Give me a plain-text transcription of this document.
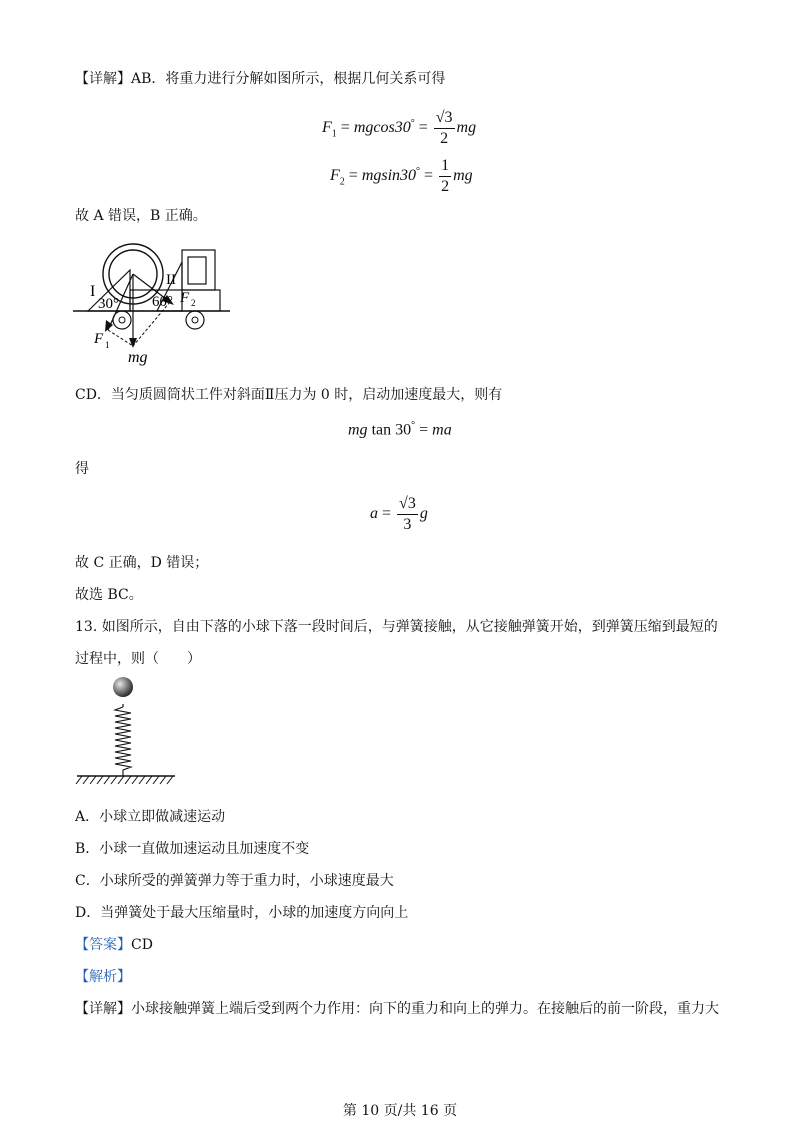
【详解】AB．将重力进行分解如图所示，根据几何关系可得
$F_1 = mgcos30^\circ = \frac{√3}{2}$ mg
$F_2 = mgsin30^\circ = \frac{1}{2}$ mg
故 A 错误，B 正确。
I
II
30° 60° F 2
F 1
mg
CD．当匀质圆筒状工件对斜面Ⅱ压力为 0 时，启动加速度最大，则有
mg tan 30° = ma
得
$a = \frac{√3}{3}$ g
故 C 正确，D 错误；
故选 BC。
13. 如图所示，自由下落的小球下落一段时间后，与弹簧接触，从它接触弹簧开始，到弹簧压缩到最短的
过程中，则（　　）
A．小球立即做减速运动
B．小球一直做加速运动且加速度不变
C．小球所受的弹簧弹力等于重力时，小球速度最大
D．当弹簧处于最大压缩量时，小球的加速度方向向上
【答案】CD
【解析】
【详解】小球接触弹簧上端后受到两个力作用：向下的重力和向上的弹力。在接触后的前一阶段，重力大
第 10 页/共 16 页
